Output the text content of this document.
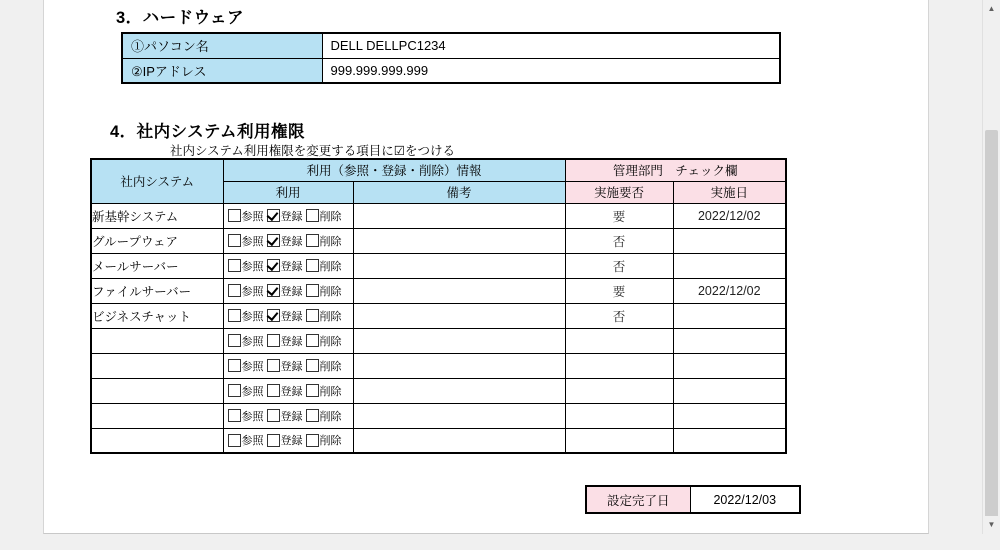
3．ハードウェア
①パソコン名	DELL DELLPC1234
②IPアドレス	999.999.999.999
4．社内システム利用権限
社内システム利用権限を変更する項目に☑をつける
社内システム	利用（参照・登録・削除）情報		管理部門　チェック欄	
	利用	備考	実施要否	実施日
新基幹システム	参照 登録 削除		要	2022/12/02
グループウェア	参照 登録 削除		否	
メールサーバー	参照 登録 削除		否	
ファイルサーバー	参照 登録 削除		要	2022/12/02
ビジネスチャット	参照 登録 削除		否	

	参照 登録 削除			

	参照 登録 削除			

	参照 登録 削除			

	参照 登録 削除			

	参照 登録 削除			

設定完了日	2022/12/03
▲
▼
